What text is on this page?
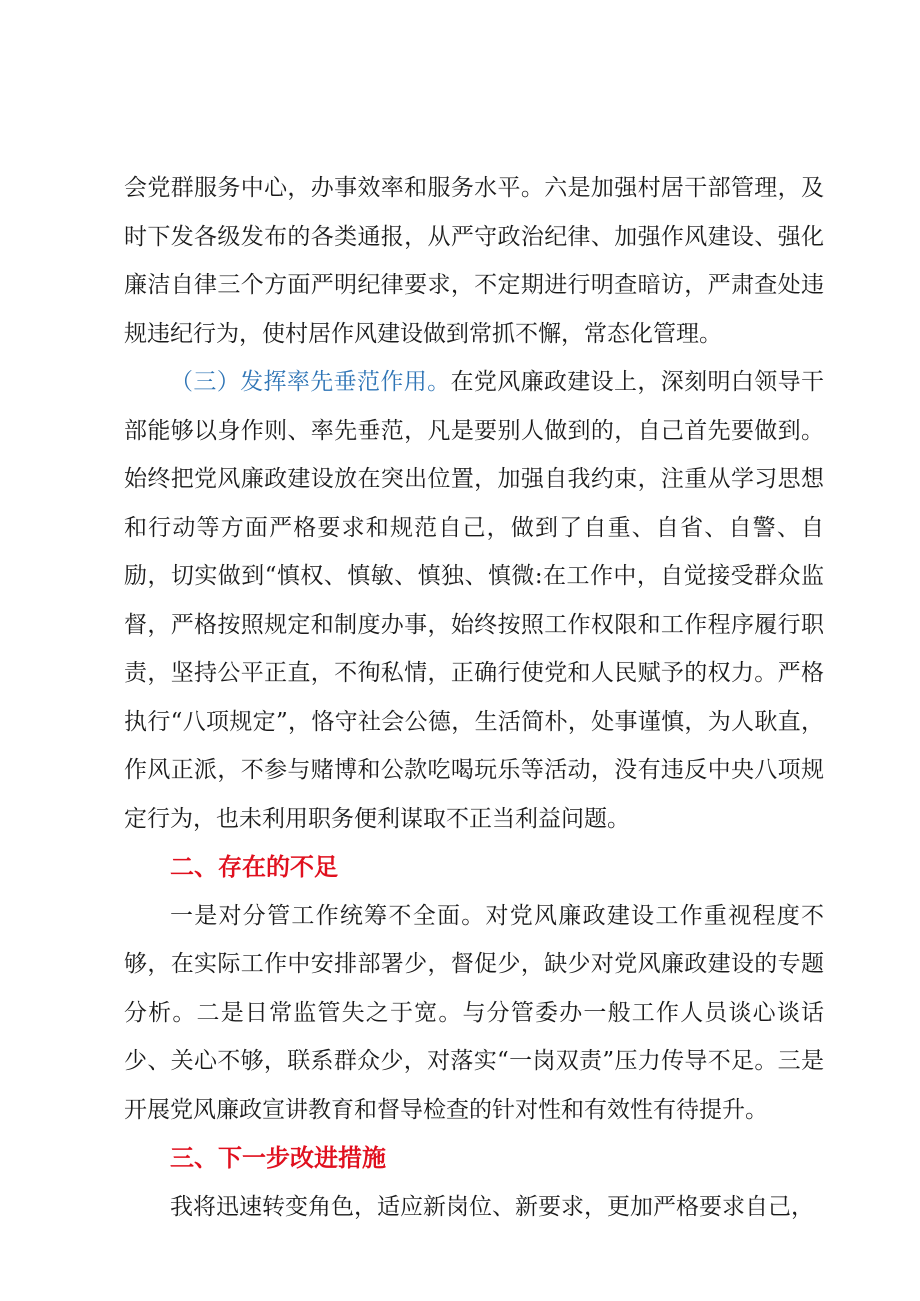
会党群服务中心，办事效率和服务水平。六是加强村居干部管理，及时下发各级发布的各类通报，从严守政治纪律、加强作风建设、强化廉洁自律三个方面严明纪律要求，不定期进行明查暗访，严肃查处违规违纪行为，使村居作风建设做到常抓不懈，常态化管理。

（三）发挥率先垂范作用。在党风廉政建设上，深刻明白领导干部能够以身作则、率先垂范，凡是要别人做到的，自己首先要做到。始终把党风廉政建设放在突出位置，加强自我约束，注重从学习思想和行动等方面严格要求和规范自己，做到了自重、自省、自警、自励，切实做到“慎权、慎敏、慎独、慎微:在工作中，自觉接受群众监督，严格按照规定和制度办事，始终按照工作权限和工作程序履行职责，坚持公平正直，不徇私情，正确行使党和人民赋予的权力。严格执行“八项规定”，恪守社会公德，生活简朴，处事谨慎，为人耿直，作风正派，不参与赌博和公款吃喝玩乐等活动，没有违反中央八项规定行为，也未利用职务便利谋取不正当利益问题。

二、存在的不足

一是对分管工作统筹不全面。对党风廉政建设工作重视程度不够，在实际工作中安排部署少，督促少，缺少对党风廉政建设的专题分析。二是日常监管失之于宽。与分管委办一般工作人员谈心谈话少、关心不够，联系群众少，对落实“一岗双责”压力传导不足。三是开展党风廉政宣讲教育和督导检查的针对性和有效性有待提升。

三、下一步改进措施

我将迅速转变角色，适应新岗位、新要求，更加严格要求自己，
